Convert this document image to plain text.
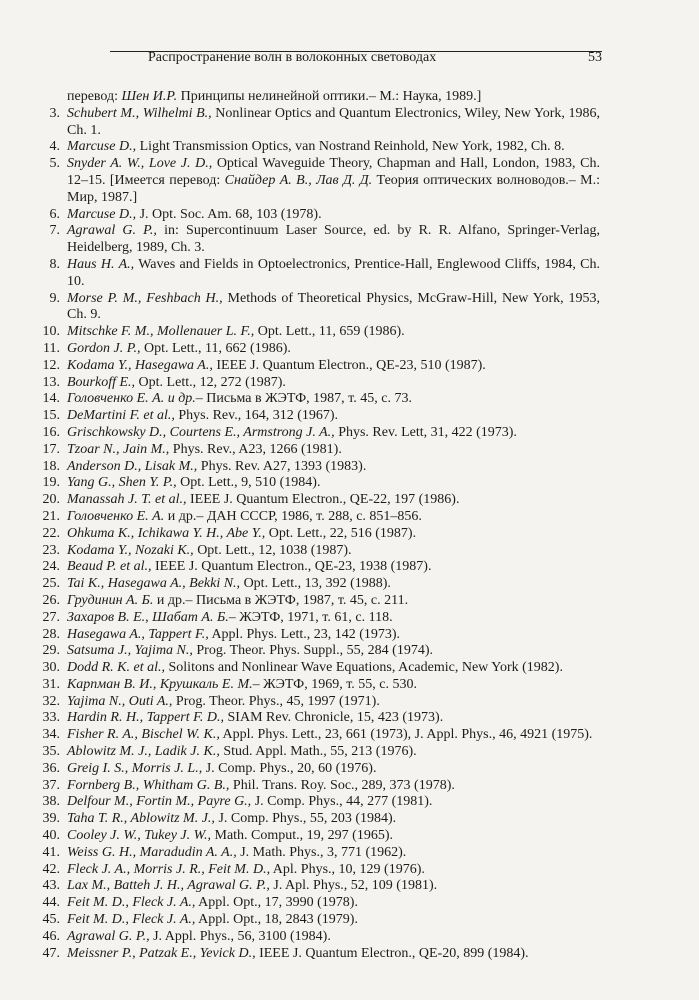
Распространение волн в волоконных световодах	53
перевод: Шен И.Р. Принципы нелинейной оптики.– М.: Наука, 1989.]
3. Schubert M., Wilhelmi B., Nonlinear Optics and Quantum Electronics, Wiley, New York, 1986, Ch. 1.
4. Marcuse D., Light Transmission Optics, van Nostrand Reinhold, New York, 1982, Ch. 8.
5. Snyder A. W., Love J. D., Optical Waveguide Theory, Chapman and Hall, London, 1983, Ch. 12–15. [Имеется перевод: Снайдер А. В., Лав Д. Д. Теория оптических волноводов.– М.: Мир, 1987.]
6. Marcuse D., J. Opt. Soc. Am. 68, 103 (1978).
7. Agrawal G. P., in: Supercontinuum Laser Source, ed. by R. R. Alfano, Springer-Verlag, Heidelberg, 1989, Ch. 3.
8. Haus H. A., Waves and Fields in Optoelectronics, Prentice-Hall, Englewood Cliffs, 1984, Ch. 10.
9. Morse P. M., Feshbach H., Methods of Theoretical Physics, McGraw-Hill, New York, 1953, Ch. 9.
10. Mitschke F. M., Mollenauer L. F., Opt. Lett., 11, 659 (1986).
11. Gordon J. P., Opt. Lett., 11, 662 (1986).
12. Kodama Y., Hasegawa A., IEEE J. Quantum Electron., QE-23, 510 (1987).
13. Bourkoff E., Opt. Lett., 12, 272 (1987).
14. Головченко Е. А. и др.– Письма в ЖЭТФ, 1987, т. 45, с. 73.
15. DeMartini F. et al., Phys. Rev., 164, 312 (1967).
16. Grischkowsky D., Courtens E., Armstrong J. A., Phys. Rev. Lett, 31, 422 (1973).
17. Tzoar N., Jain M., Phys. Rev., A23, 1266 (1981).
18. Anderson D., Lisak M., Phys. Rev. A27, 1393 (1983).
19. Yang G., Shen Y. P., Opt. Lett., 9, 510 (1984).
20. Manassah J. T. et al., IEEE J. Quantum Electron., QE-22, 197 (1986).
21. Головченко Е. А. и др.– ДАН СССР, 1986, т. 288, с. 851–856.
22. Ohkuma K., Ichikawa Y. H., Abe Y., Opt. Lett., 22, 516 (1987).
23. Kodama Y., Nozaki K., Opt. Lett., 12, 1038 (1987).
24. Beaud P. et al., IEEE J. Quantum Electron., QE-23, 1938 (1987).
25. Tai K., Hasegawa A., Bekki N., Opt. Lett., 13, 392 (1988).
26. Грудинин А. Б. и др.– Письма в ЖЭТФ, 1987, т. 45, с. 211.
27. Захаров В. Е., Шабат А. Б.– ЖЭТФ, 1971, т. 61, с. 118.
28. Hasegawa A., Tappert F., Appl. Phys. Lett., 23, 142 (1973).
29. Satsuma J., Yajima N., Prog. Theor. Phys. Suppl., 55, 284 (1974).
30. Dodd R. K. et al., Solitons and Nonlinear Wave Equations, Academic, New York (1982).
31. Карпман В. И., Крушкаль Е. М.– ЖЭТФ, 1969, т. 55, с. 530.
32. Yajima N., Outi A., Prog. Theor. Phys., 45, 1997 (1971).
33. Hardin R. H., Tappert F. D., SIAM Rev. Chronicle, 15, 423 (1973).
34. Fisher R. A., Bischel W. K., Appl. Phys. Lett., 23, 661 (1973), J. Appl. Phys., 46, 4921 (1975).
35. Ablowitz M. J., Ladik J. K., Stud. Appl. Math., 55, 213 (1976).
36. Greig I. S., Morris J. L., J. Comp. Phys., 20, 60 (1976).
37. Fornberg B., Whitham G. B., Phil. Trans. Roy. Soc., 289, 373 (1978).
38. Delfour M., Fortin M., Payre G., J. Comp. Phys., 44, 277 (1981).
39. Taha T. R., Ablowitz M. J., J. Comp. Phys., 55, 203 (1984).
40. Cooley J. W., Tukey J. W., Math. Comput., 19, 297 (1965).
41. Weiss G. H., Maradudin A. A., J. Math. Phys., 3, 771 (1962).
42. Fleck J. A., Morris J. R., Feit M. D., Apl. Phys., 10, 129 (1976).
43. Lax M., Batteh J. H., Agrawal G. P., J. Apl. Phys., 52, 109 (1981).
44. Feit M. D., Fleck J. A., Appl. Opt., 17, 3990 (1978).
45. Feit M. D., Fleck J. A., Appl. Opt., 18, 2843 (1979).
46. Agrawal G. P., J. Appl. Phys., 56, 3100 (1984).
47. Meissner P., Patzak E., Yevick D., IEEE J. Quantum Electron., QE-20, 899 (1984).
